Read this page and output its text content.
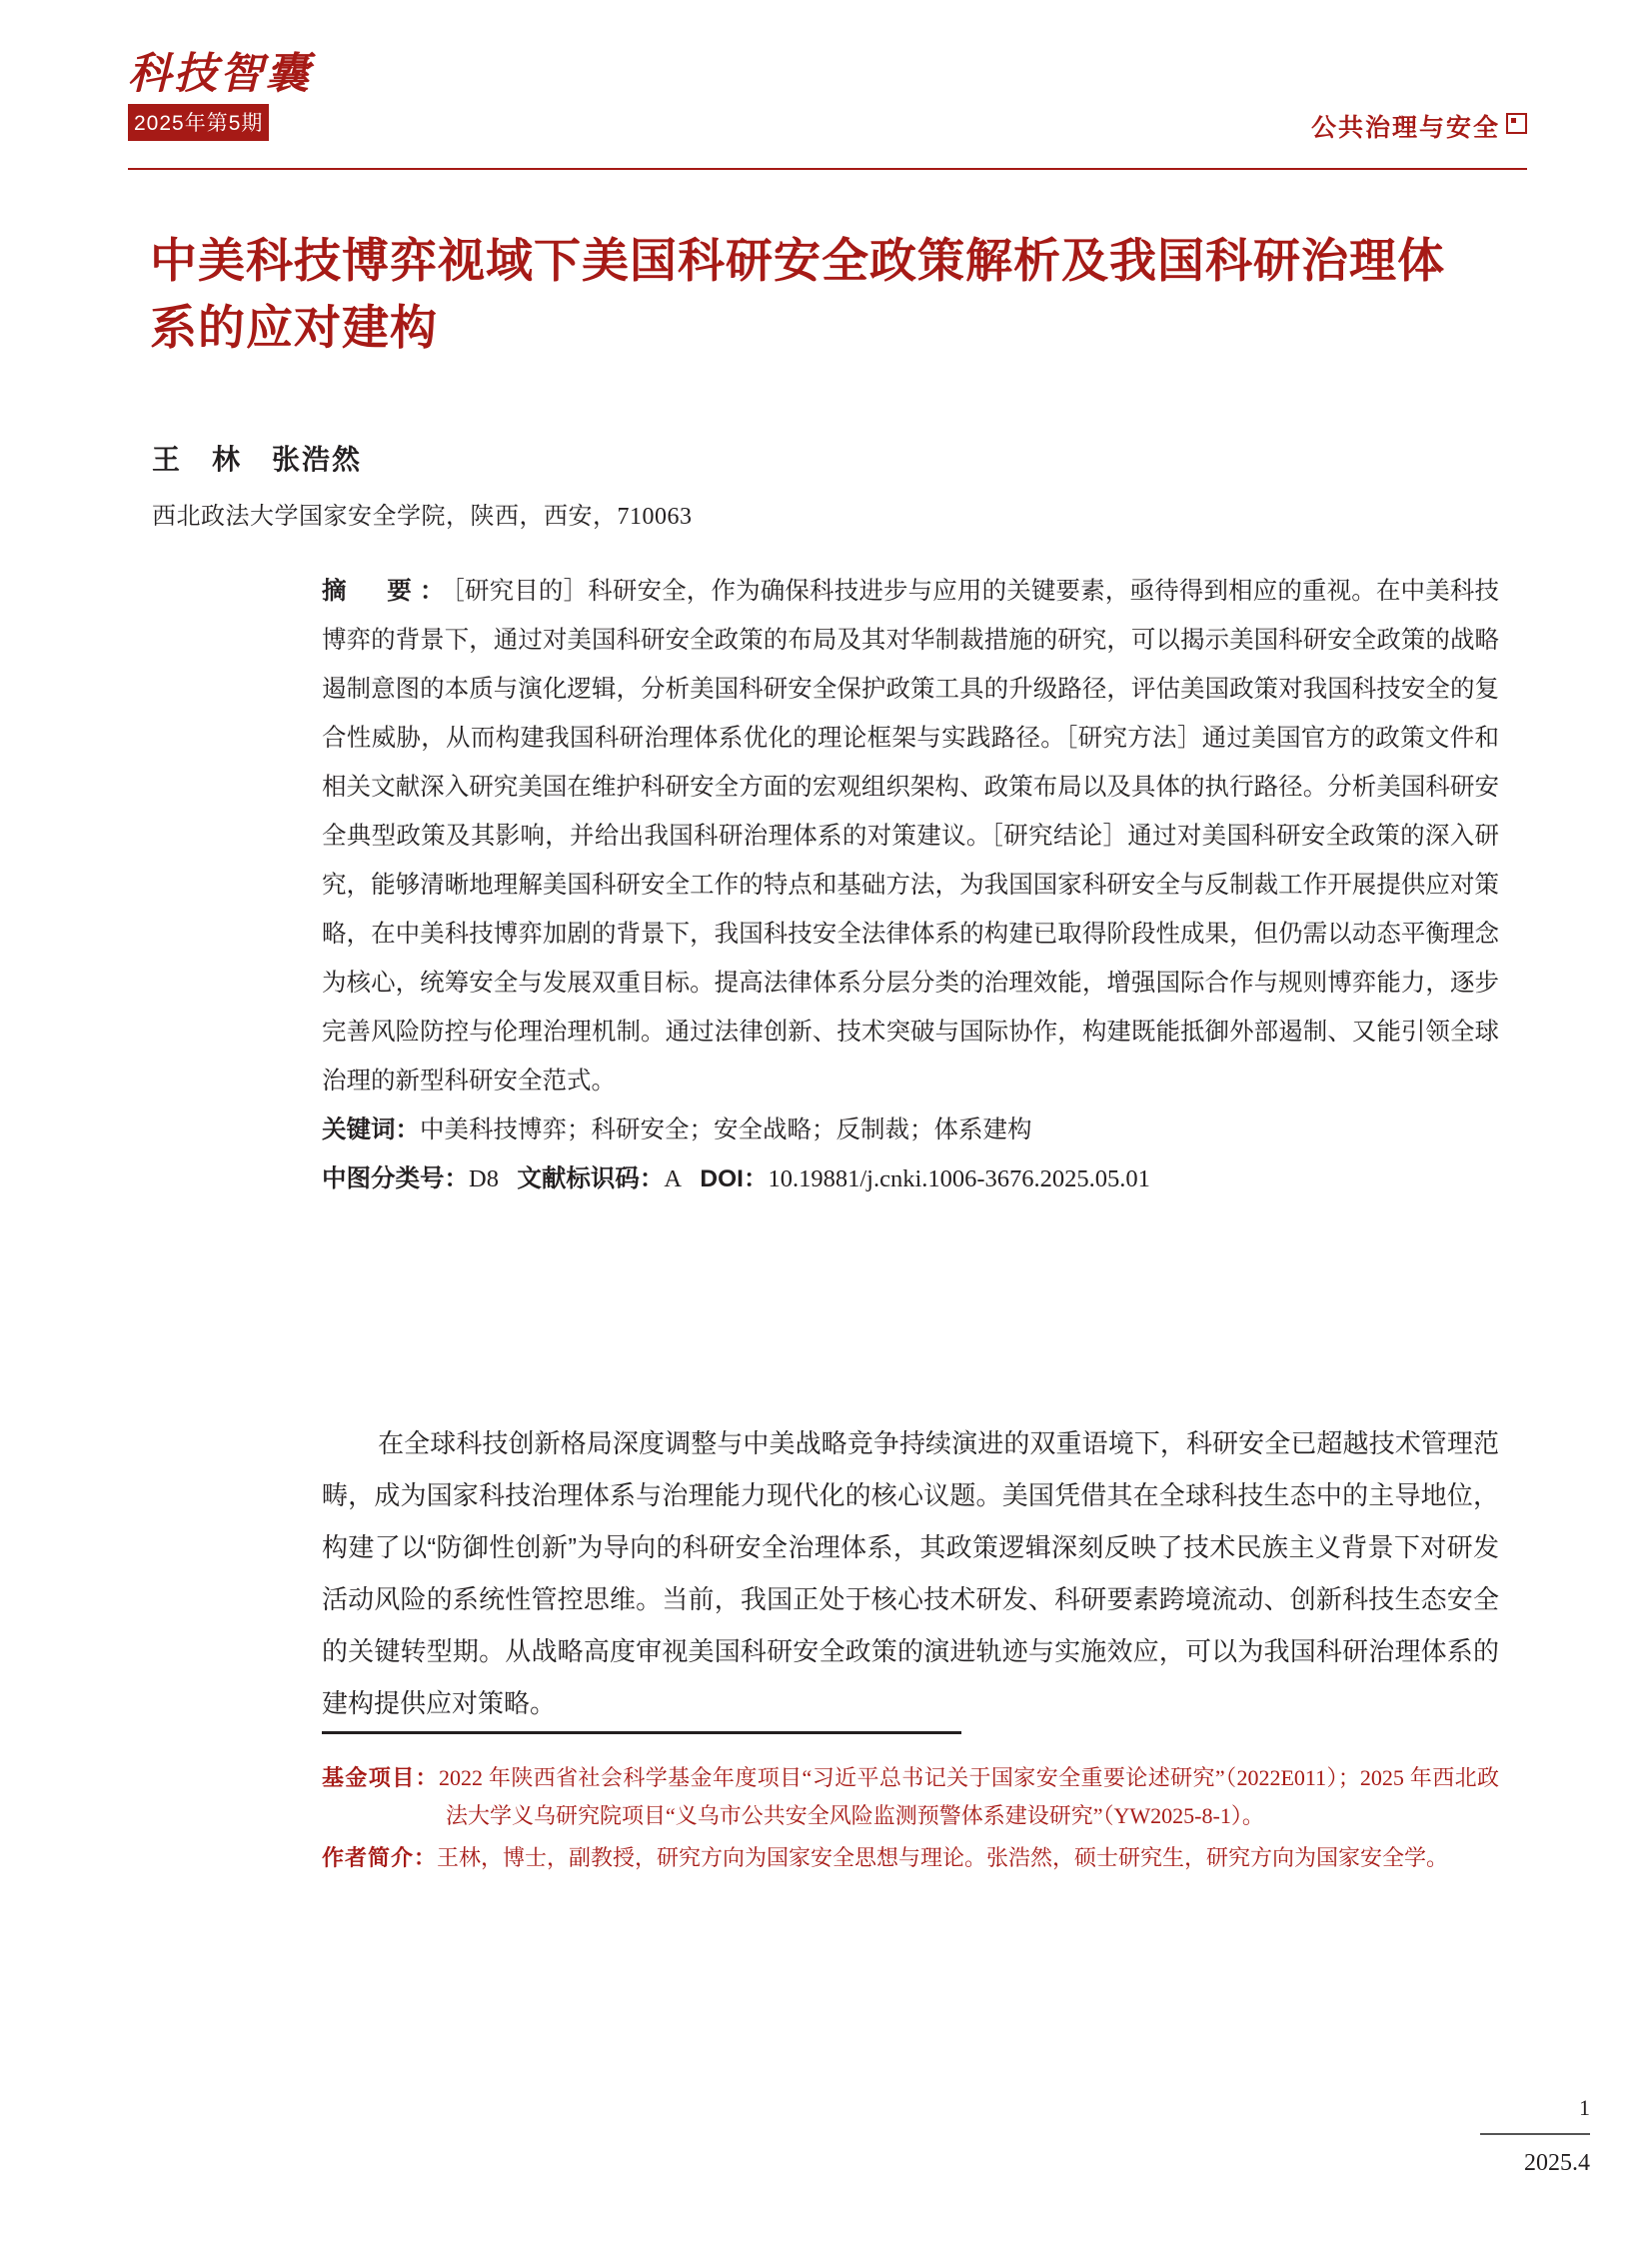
科技智囊
2025年第5期	公共治理与安全
中美科技博弈视域下美国科研安全政策解析及我国科研治理体系的应对建构
王　林　张浩然
西北政法大学国家安全学院，陕西，西安，710063
摘　要：［研究目的］科研安全，作为确保科技进步与应用的关键要素，亟待得到相应的重视。在中美科技博弈的背景下，通过对美国科研安全政策的布局及其对华制裁措施的研究，可以揭示美国科研安全政策的战略遏制意图的本质与演化逻辑，分析美国科研安全保护政策工具的升级路径，评估美国政策对我国科技安全的复合性威胁，从而构建我国科研治理体系优化的理论框架与实践路径。［研究方法］通过美国官方的政策文件和相关文献深入研究美国在维护科研安全方面的宏观组织架构、政策布局以及具体的执行路径。分析美国科研安全典型政策及其影响，并给出我国科研治理体系的对策建议。［研究结论］通过对美国科研安全政策的深入研究，能够清晰地理解美国科研安全工作的特点和基础方法，为我国国家科研安全与反制裁工作开展提供应对策略，在中美科技博弈加剧的背景下，我国科技安全法律体系的构建已取得阶段性成果，但仍需以动态平衡理念为核心，统筹安全与发展双重目标。提高法律体系分层分类的治理效能，增强国际合作与规则博弈能力，逐步完善风险防控与伦理治理机制。通过法律创新、技术突破与国际协作，构建既能抵御外部遏制、又能引领全球治理的新型科研安全范式。
关键词：中美科技博弈；科研安全；安全战略；反制裁；体系建构
中图分类号：D8 文献标识码：A DOI：10.19881/j.cnki.1006-3676.2025.05.01
在全球科技创新格局深度调整与中美战略竞争持续演进的双重语境下，科研安全已超越技术管理范畴，成为国家科技治理体系与治理能力现代化的核心议题。美国凭借其在全球科技生态中的主导地位，构建了以“防御性创新”为导向的科研安全治理体系，其政策逻辑深刻反映了技术民族主义背景下对研发活动风险的系统性管控思维。当前，我国正处于核心技术研发、科研要素跨境流动、创新科技生态安全的关键转型期。从战略高度审视美国科研安全政策的演进轨迹与实施效应，可以为我国科研治理体系的建构提供应对策略。
基金项目：2022 年陕西省社会科学基金年度项目“习近平总书记关于国家安全重要论述研究”（2022E011）；2025 年西北政法大学义乌研究院项目“义乌市公共安全风险监测预警体系建设研究”（YW2025-8-1）。
作者简介：王林，博士，副教授，研究方向为国家安全思想与理论。张浩然，硕士研究生，研究方向为国家安全学。
1
2025.4
